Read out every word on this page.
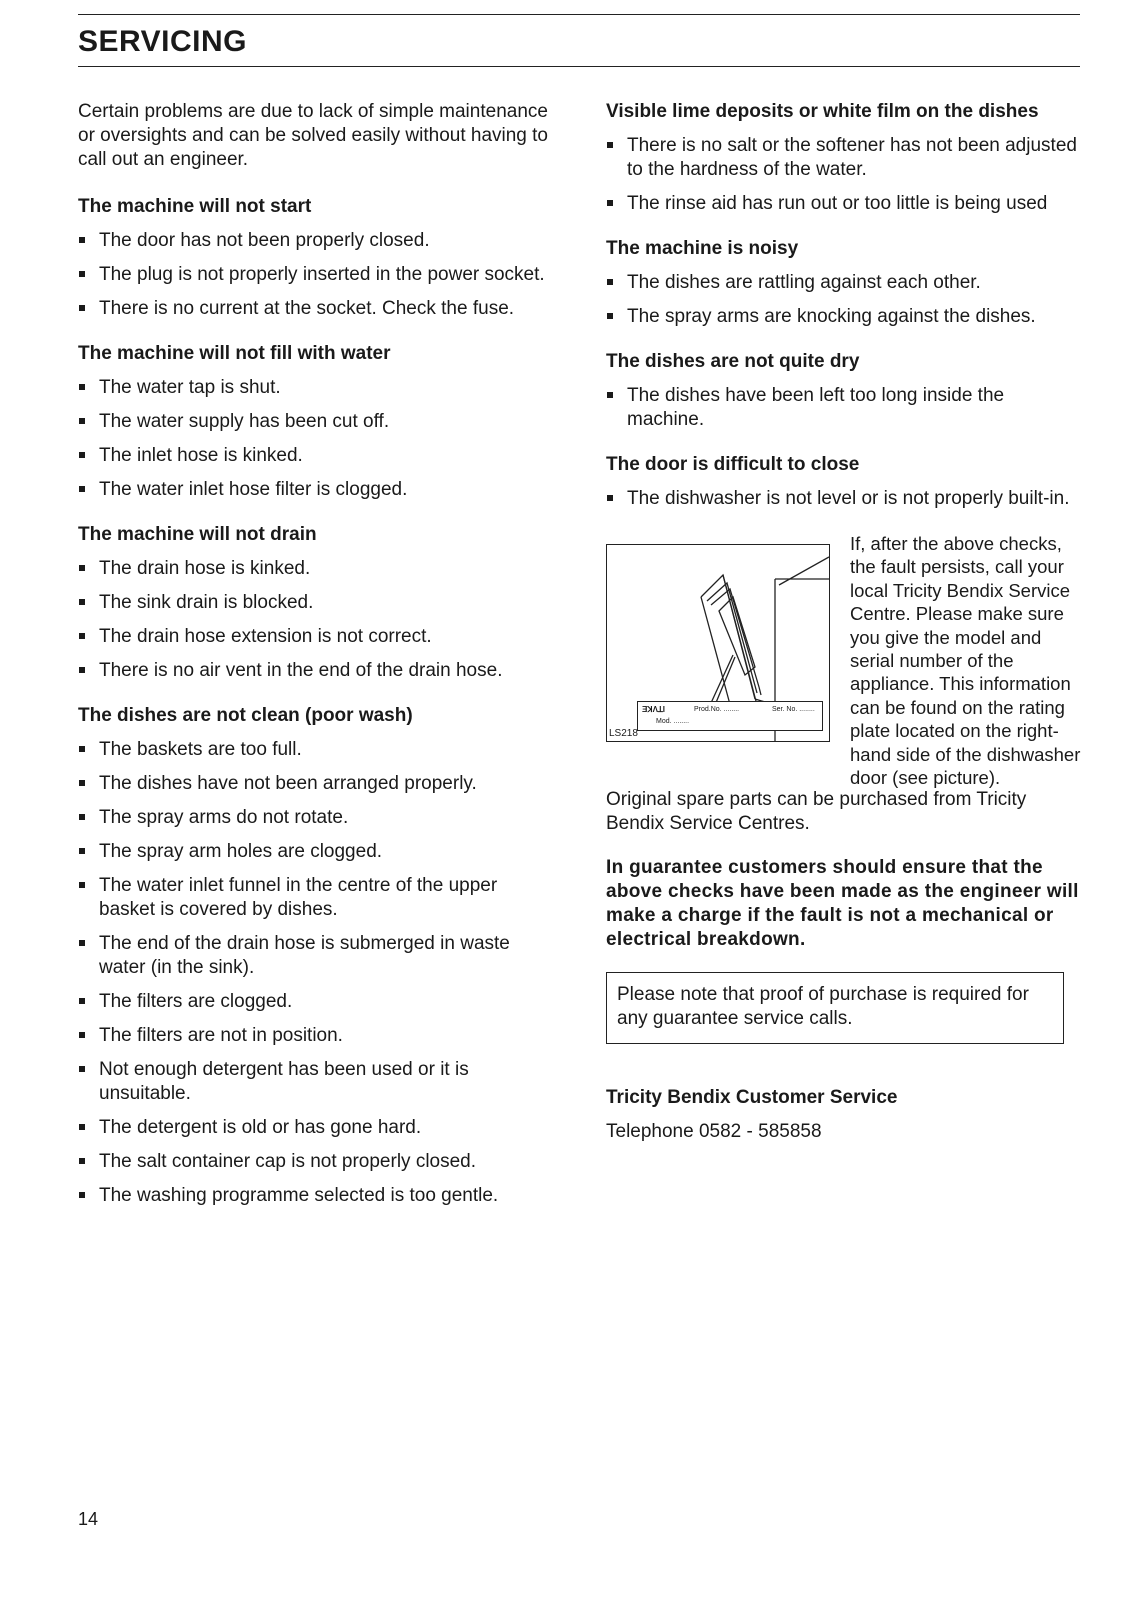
SERVICING

Certain problems are due to lack of simple maintenance or oversights and can be solved easily without having to call out an engineer.

The machine will not start

The door has not been properly closed.
The plug is not properly inserted in the power socket.
There is no current at the socket. Check the fuse.

The machine will not fill with water

The water tap is shut.
The water supply has been cut off.
The inlet hose is kinked.
The water inlet hose filter is clogged.

The machine will not drain

The drain hose is kinked.
The sink drain is blocked.
The drain hose extension is not correct.
There is no air vent in the end of the drain hose.

The dishes are not clean (poor wash)

The baskets are too full.
The dishes have not been arranged properly.
The spray arms do not rotate.
The spray arm holes are clogged.
The water inlet funnel in the centre of the upper basket is covered by dishes.
The end of the drain hose is submerged in waste water (in the sink).
The filters are clogged.
The filters are not in position.
Not enough detergent has been used or it is unsuitable.
The detergent is old or has gone hard.
The salt container cap is not properly closed.
The washing programme selected is too gentle.

Visible lime deposits or white film on the dishes

There is no salt or the softener has not been adjusted to the hardness of the water.
The rinse aid has run out or too little is being used

The machine is noisy

The dishes are rattling against each other.
The spray arms are knocking against the dishes.

The dishes are not quite dry

The dishes have been left too long inside the machine.

The door is difficult to close

The dishwasher is not level or is not properly built-in.
ƎꓘΛꓕI	Prod.No. ........	Ser. No. ........
Mod. ........
LS218

If, after the above checks, the fault persists, call your local Tricity Bendix Service Centre. Please make sure you give the model and serial number of the appliance. This information can be found on the rating plate located on the right-hand side of the dishwasher door (see picture).

Original spare parts can be purchased from Tricity Bendix Service Centres.

In guarantee customers should ensure that the above checks have been made as the engineer will make a charge if the fault is not a mechanical or electrical breakdown.

Please note that proof of purchase is required for any guarantee service calls.

Tricity Bendix Customer Service

Telephone 0582 - 585858

14
